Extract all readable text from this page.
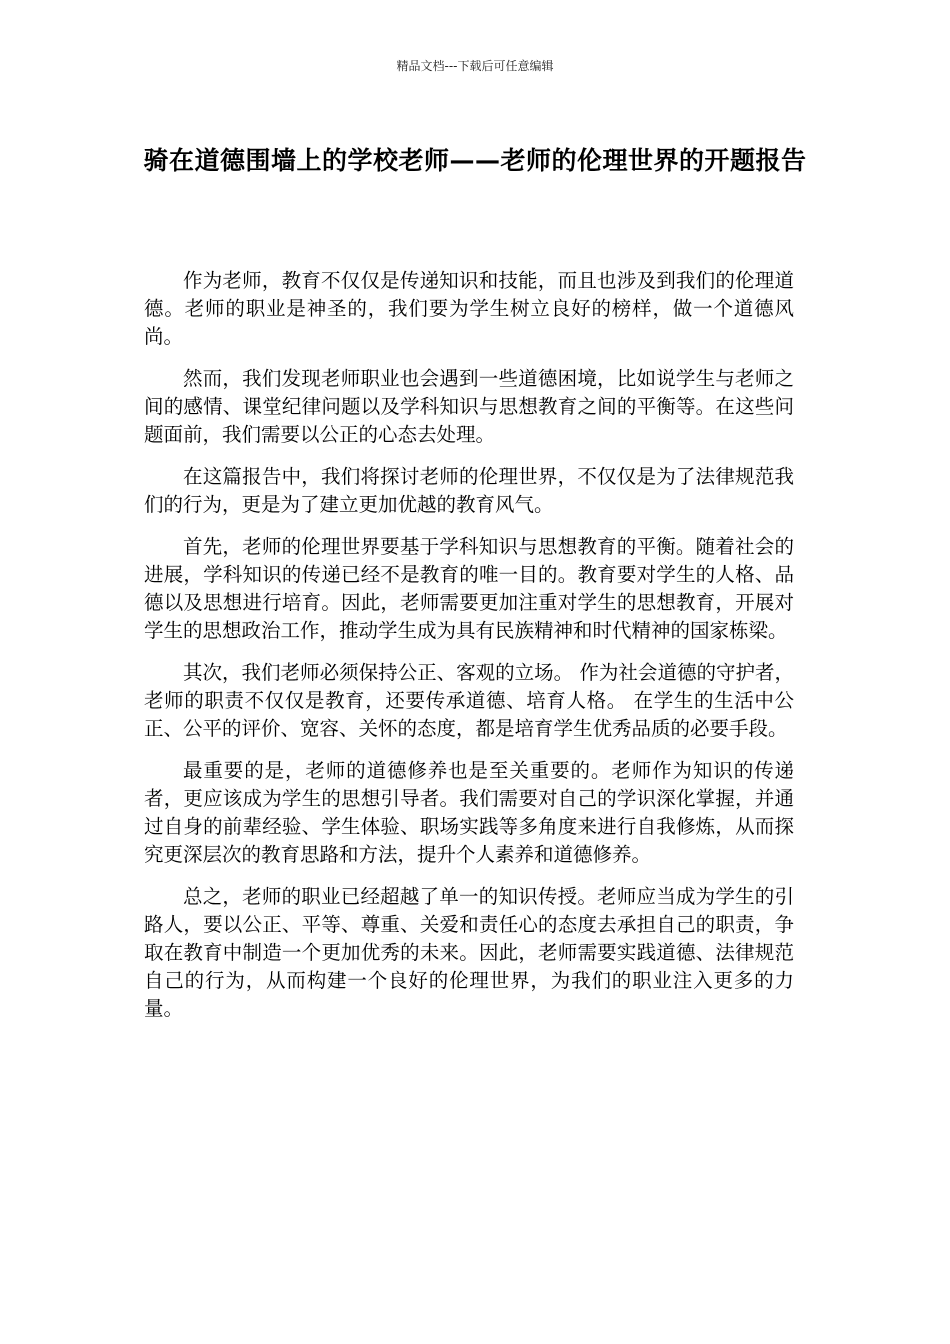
精品文档---下载后可任意编辑
骑在道德围墙上的学校老师——老师的伦理世界的开题报告

作为老师，教育不仅仅是传递知识和技能，而且也涉及到我们的伦理道德。老师的职业是神圣的，我们要为学生树立良好的榜样，做一个道德风尚。

然而，我们发现老师职业也会遇到一些道德困境，比如说学生与老师之间的感情、课堂纪律问题以及学科知识与思想教育之间的平衡等。在这些问题面前，我们需要以公正的心态去处理。

在这篇报告中，我们将探讨老师的伦理世界，不仅仅是为了法律规范我们的行为，更是为了建立更加优越的教育风气。

首先，老师的伦理世界要基于学科知识与思想教育的平衡。随着社会的进展，学科知识的传递已经不是教育的唯一目的。教育要对学生的人格、品德以及思想进行培育。因此，老师需要更加注重对学生的思想教育，开展对学生的思想政治工作，推动学生成为具有民族精神和时代精神的国家栋梁。

其次，我们老师必须保持公正、客观的立场。 作为社会道德的守护者，老师的职责不仅仅是教育，还要传承道德、培育人格。 在学生的生活中公正、公平的评价、宽容、关怀的态度，都是培育学生优秀品质的必要手段。

最重要的是，老师的道德修养也是至关重要的。老师作为知识的传递者，更应该成为学生的思想引导者。我们需要对自己的学识深化掌握，并通过自身的前辈经验、学生体验、职场实践等多角度来进行自我修炼，从而探究更深层次的教育思路和方法，提升个人素养和道德修养。

总之，老师的职业已经超越了单一的知识传授。老师应当成为学生的引路人，要以公正、平等、尊重、关爱和责任心的态度去承担自己的职责，争取在教育中制造一个更加优秀的未来。因此，老师需要实践道德、法律规范自己的行为，从而构建一个良好的伦理世界，为我们的职业注入更多的力量。
